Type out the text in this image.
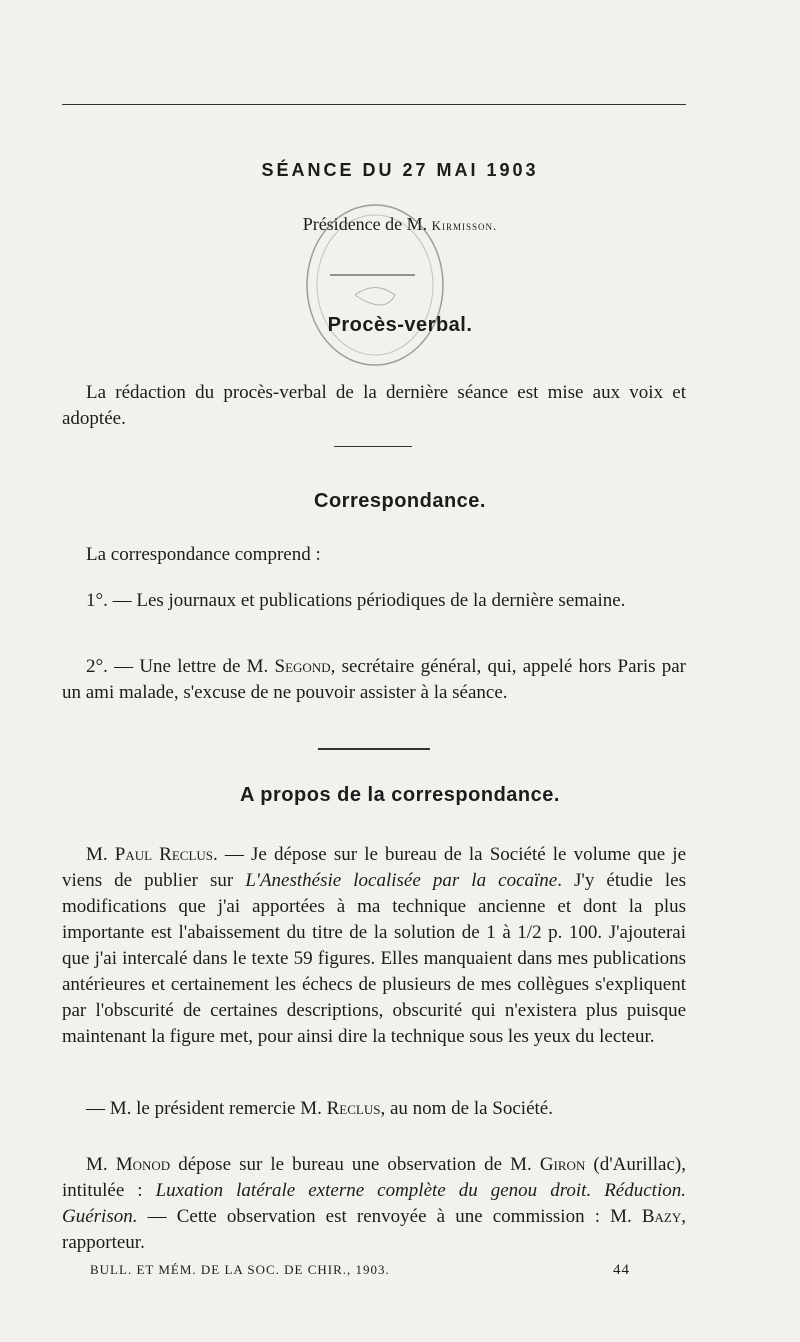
SÉANCE DU 27 MAI 1903
Présidence de M. Kirmisson.
Procès-verbal.
La rédaction du procès-verbal de la dernière séance est mise aux voix et adoptée.
Correspondance.
La correspondance comprend :
1°. — Les journaux et publications périodiques de la dernière semaine.
2°. — Une lettre de M. Segond, secrétaire général, qui, appelé hors Paris par un ami malade, s'excuse de ne pouvoir assister à la séance.
A propos de la correspondance.
M. Paul Reclus. — Je dépose sur le bureau de la Société le volume que je viens de publier sur L'Anesthésie localisée par la cocaïne. J'y étudie les modifications que j'ai apportées à ma technique ancienne et dont la plus importante est l'abaissement du titre de la solution de 1 à 1/2 p. 100. J'ajouterai que j'ai intercalé dans le texte 59 figures. Elles manquaient dans mes publications antérieures et certainement les échecs de plusieurs de mes collègues s'expliquent par l'obscurité de certaines descriptions, obscurité qui n'existera plus puisque maintenant la figure met, pour ainsi dire la technique sous les yeux du lecteur.
— M. le président remercie M. Reclus, au nom de la Société.
M. Monod dépose sur le bureau une observation de M. Giron (d'Aurillac), intitulée : Luxation latérale externe complète du genou droit. Réduction. Guérison. — Cette observation est renvoyée à une commission : M. Bazy, rapporteur.
BULL. ET MÉM. DE LA SOC. DE CHIR., 1903.	44
